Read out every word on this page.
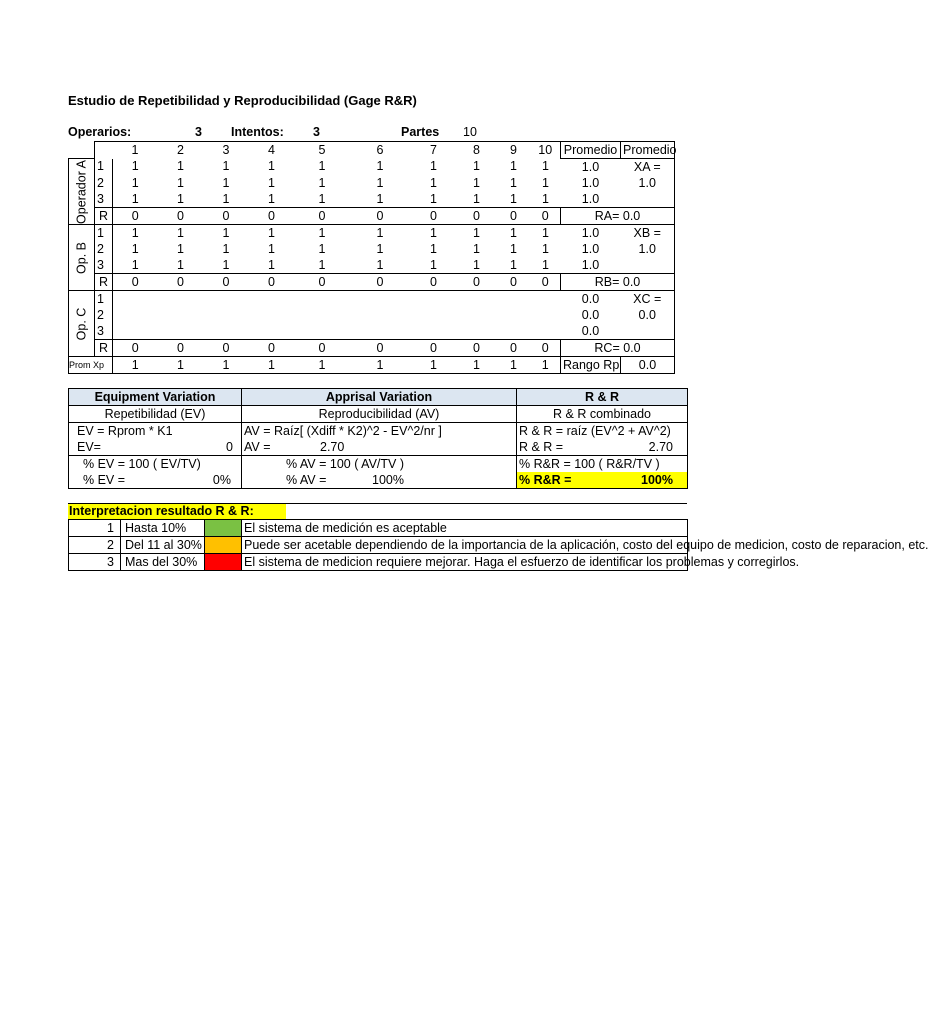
Estudio de Repetibilidad y Reproducibilidad (Gage R&R)
Operarios:	3 Intentos: 3	Partes 10
		1	2	3	4	5	6	7	8	9	10	Promedio	Promedio

Operador A	1	1	1	1	1	1	1	1	1	1	1	1.0	XA =
	2	1	1	1	1	1	1	1	1	1	1	1.0	1.0
	3	1	1	1	1	1	1	1	1	1	1	1.0	
	R	0	0	0	0	0	0	0	0	0	0	RA= 0.0	

Op. B	1	1	1	1	1	1	1	1	1	1	1	1.0	XB =
	2	1	1	1	1	1	1	1	1	1	1	1.0	1.0
	3	1	1	1	1	1	1	1	1	1	1	1.0	
	R	0	0	0	0	0	0	0	0	0	0	RB= 0.0	

Op. C	1											0.0	XC =
	2											0.0	0.0
	3											0.0	
	R	0	0	0	0	0	0	0	0	0	0	RC= 0.0	
Prom Xp		1	1	1	1	1	1	1	1	1	1	Rango Rp	0.0
Equipment Variation	Apprisal Variation	R & R
Repetibilidad (EV)	Reproducibilidad (AV)	R & R combinado
EV = Rprom * K1	AV = Raíz[ (Xdiff * K2)^2 - EV^2/nr ]	R & R = raíz (EV^2 + AV^2)
EV= 0	AV = 2.70	R & R = 2.70

% EV = 100 ( EV/TV)	% AV = 100 ( AV/TV )	% R&R = 100 ( R&R/TV )
% EV = 0%	% AV = 100%	% R&R = 100%
Interpretacion resultado R & R:
1	Hasta 10%		El sistema de medición es aceptable
2	Del 11 al 30%		Puede ser acetable dependiendo de la importancia de la aplicación, costo del equipo de medicion, costo de reparacion, etc.
3	Mas del 30%		El sistema de medicion requiere mejorar. Haga el esfuerzo de identificar los problemas y corregirlos.
